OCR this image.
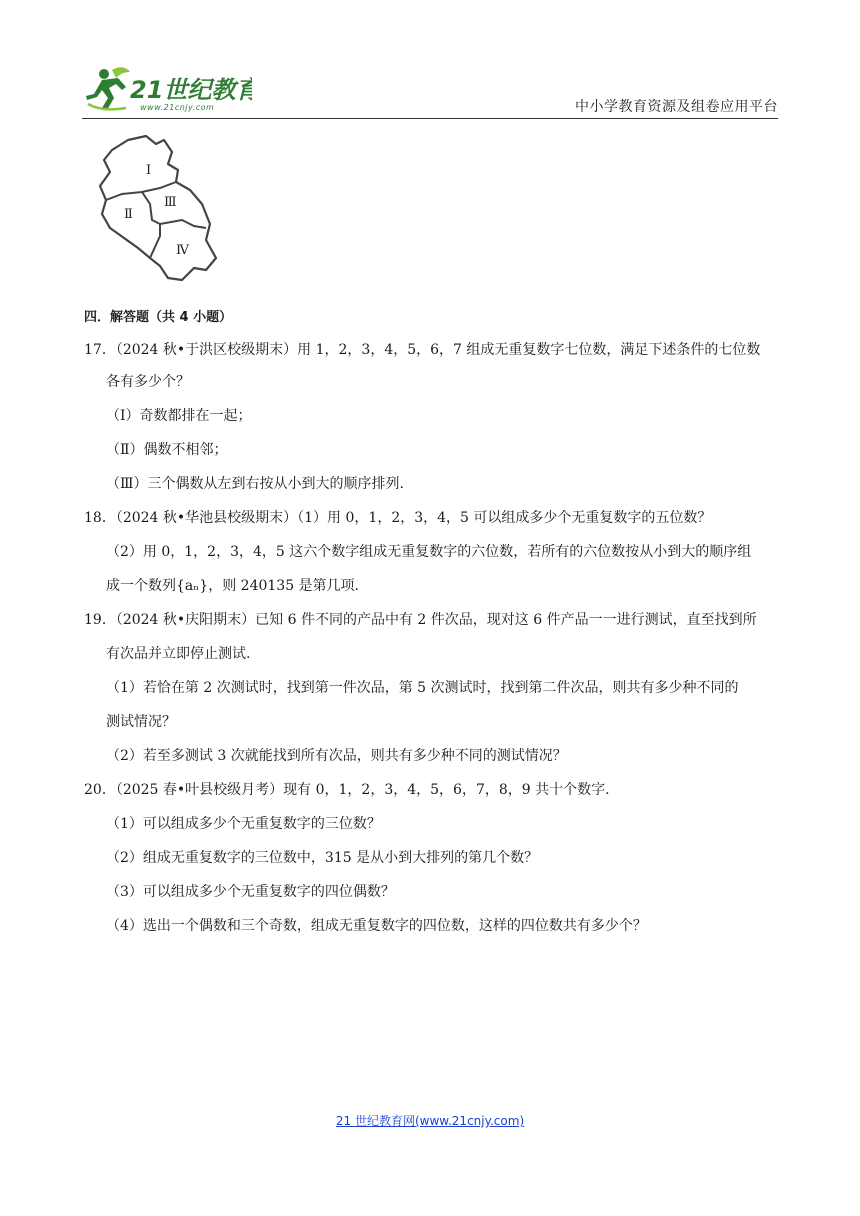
21世纪教育
www.21cnjy.com	中小学教育资源及组卷应用平台
Ⅰ
Ⅱ
Ⅲ
Ⅳ
四．解答题（共 4 小题）
17．（2024 秋•于洪区校级期末）用 1，2，3，4，5，6，7 组成无重复数字七位数，满足下述条件的七位数
各有多少个？
（Ⅰ）奇数都排在一起；
（Ⅱ）偶数不相邻；
（Ⅲ）三个偶数从左到右按从小到大的顺序排列.
18．（2024 秋•华池县校级期末）（1）用 0，1，2，3，4，5 可以组成多少个无重复数字的五位数？
（2）用 0，1，2，3，4，5 这六个数字组成无重复数字的六位数，若所有的六位数按从小到大的顺序组
成一个数列{aₙ}，则 240135 是第几项.
19．（2024 秋•庆阳期末）已知 6 件不同的产品中有 2 件次品，现对这 6 件产品一一进行测试，直至找到所
有次品并立即停止测试.
（1）若恰在第 2 次测试时，找到第一件次品，第 5 次测试时，找到第二件次品，则共有多少种不同的
测试情况？
（2）若至多测试 3 次就能找到所有次品，则共有多少种不同的测试情况？
20．（2025 春•叶县校级月考）现有 0，1，2，3，4，5，6，7，8，9 共十个数字.
（1）可以组成多少个无重复数字的三位数？
（2）组成无重复数字的三位数中，315 是从小到大排列的第几个数？
（3）可以组成多少个无重复数字的四位偶数？
（4）选出一个偶数和三个奇数，组成无重复数字的四位数，这样的四位数共有多少个？
21 世纪教育网(www.21cnjy.com)
